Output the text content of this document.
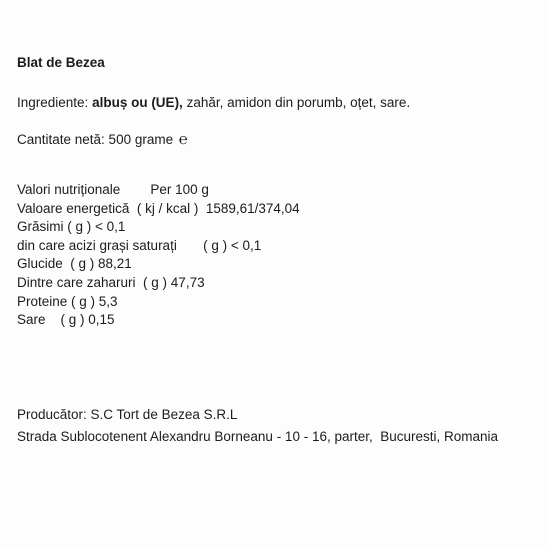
Blat de Bezea
Ingrediente: albuș ou (UE), zahăr, amidon din porumb, oțet, sare.
Cantitate netă: 500 grame ℮
Valori nutriționale        Per 100 g
Valoare energetică  ( kj / kcal )  1589,61/374,04
Grăsimi ( g ) < 0,1
din care acizi grași saturați       ( g ) < 0,1
Glucide  ( g ) 88,21
Dintre care zaharuri  ( g ) 47,73
Proteine ( g ) 5,3
Sare    ( g ) 0,15
Producător: S.C Tort de Bezea S.R.L
Strada Sublocotenent Alexandru Borneanu - 10 - 16, parter,  Bucuresti, Romania
